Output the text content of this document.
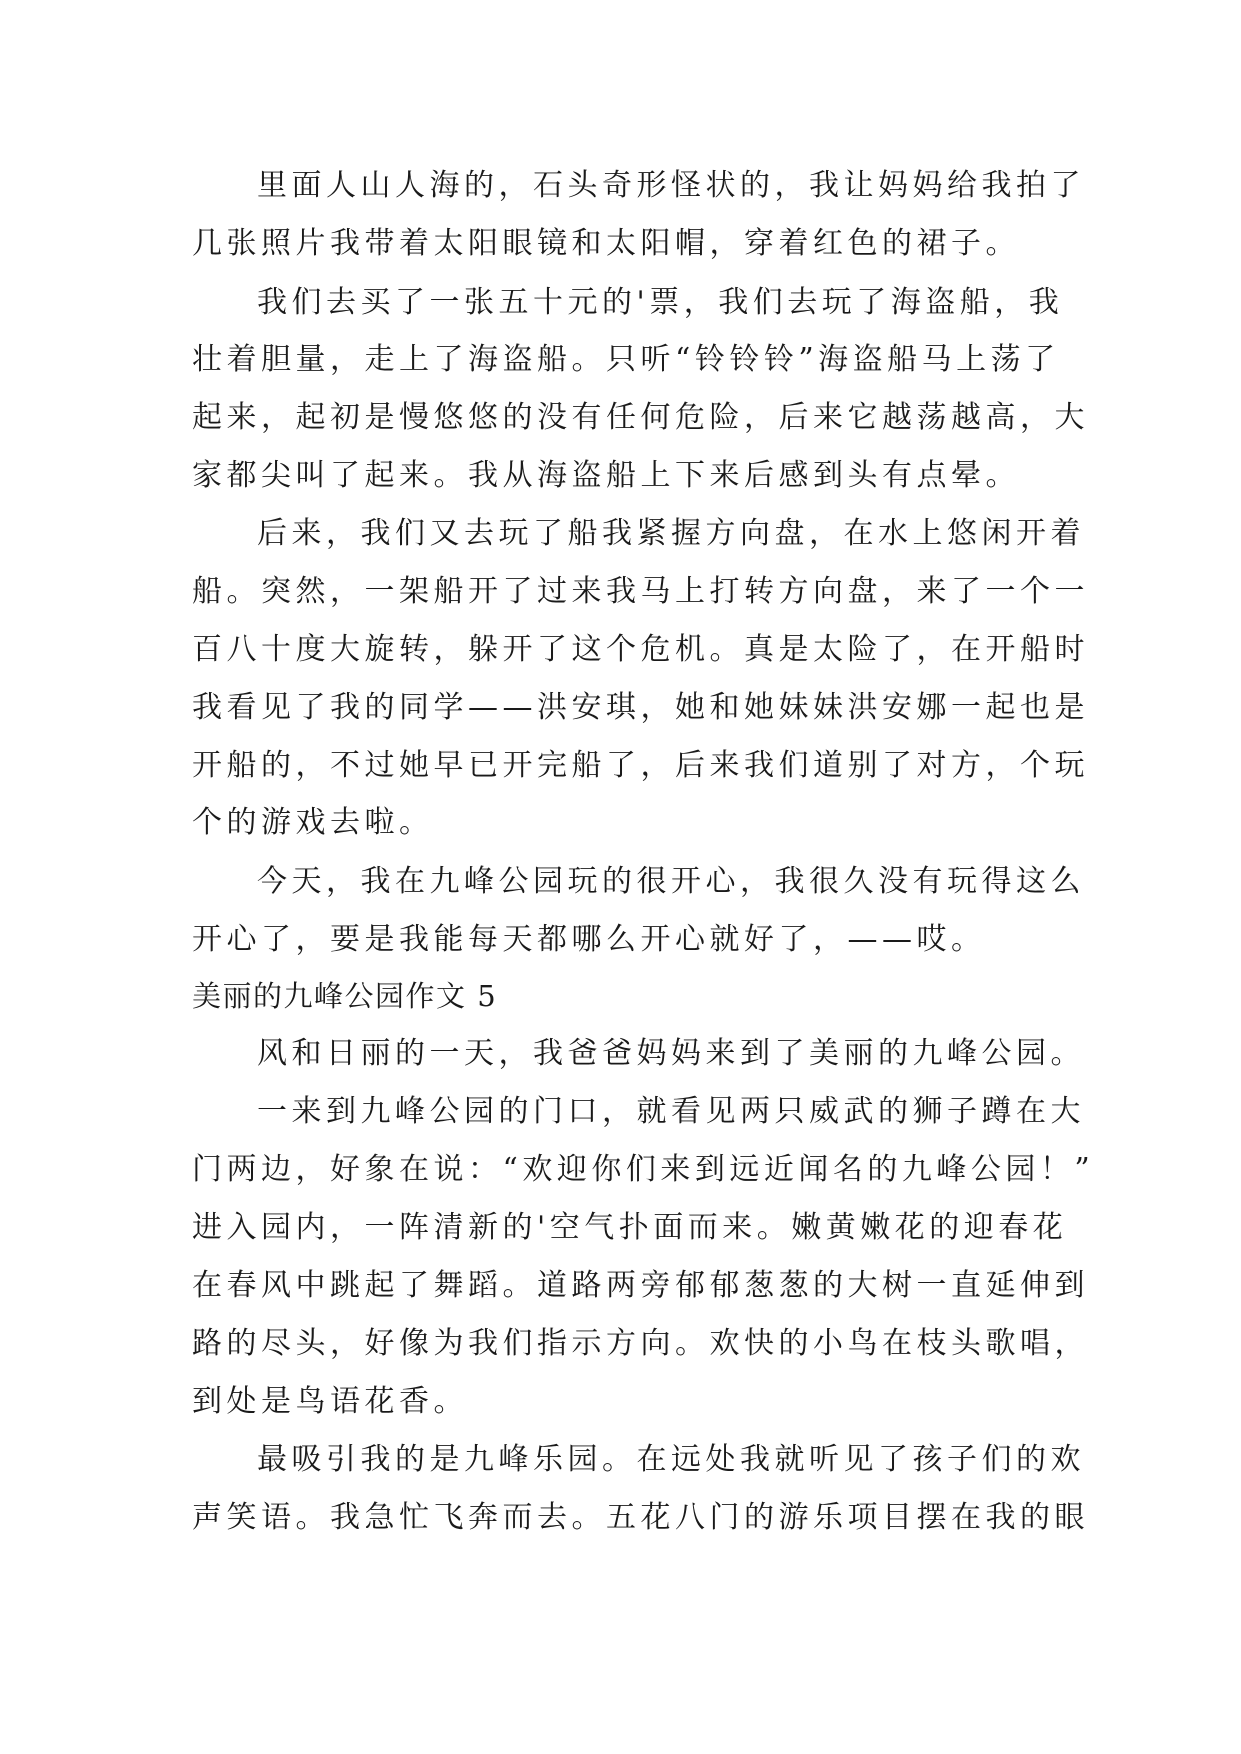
里面人山人海的，石头奇形怪状的，我让妈妈给我拍了
几张照片我带着太阳眼镜和太阳帽，穿着红色的裙子。
我们去买了一张五十元的'票，我们去玩了海盗船，我
壮着胆量，走上了海盗船。只听“铃铃铃”海盗船马上荡了
起来，起初是慢悠悠的没有任何危险，后来它越荡越高，大
家都尖叫了起来。我从海盗船上下来后感到头有点晕。
后来，我们又去玩了船我紧握方向盘，在水上悠闲开着
船。突然，一架船开了过来我马上打转方向盘，来了一个一
百八十度大旋转，躲开了这个危机。真是太险了，在开船时
我看见了我的同学——洪安琪，她和她妹妹洪安娜一起也是
开船的，不过她早已开完船了，后来我们道别了对方，个玩
个的游戏去啦。
今天，我在九峰公园玩的很开心，我很久没有玩得这么
开心了，要是我能每天都哪么开心就好了，——哎。
美丽的九峰公园作文 5
风和日丽的一天，我爸爸妈妈来到了美丽的九峰公园。
一来到九峰公园的门口，就看见两只威武的狮子蹲在大
门两边，好象在说：“欢迎你们来到远近闻名的九峰公园！”
进入园内，一阵清新的'空气扑面而来。嫩黄嫩花的迎春花
在春风中跳起了舞蹈。道路两旁郁郁葱葱的大树一直延伸到
路的尽头，好像为我们指示方向。欢快的小鸟在枝头歌唱，
到处是鸟语花香。
最吸引我的是九峰乐园。在远处我就听见了孩子们的欢
声笑语。我急忙飞奔而去。五花八门的游乐项目摆在我的眼
